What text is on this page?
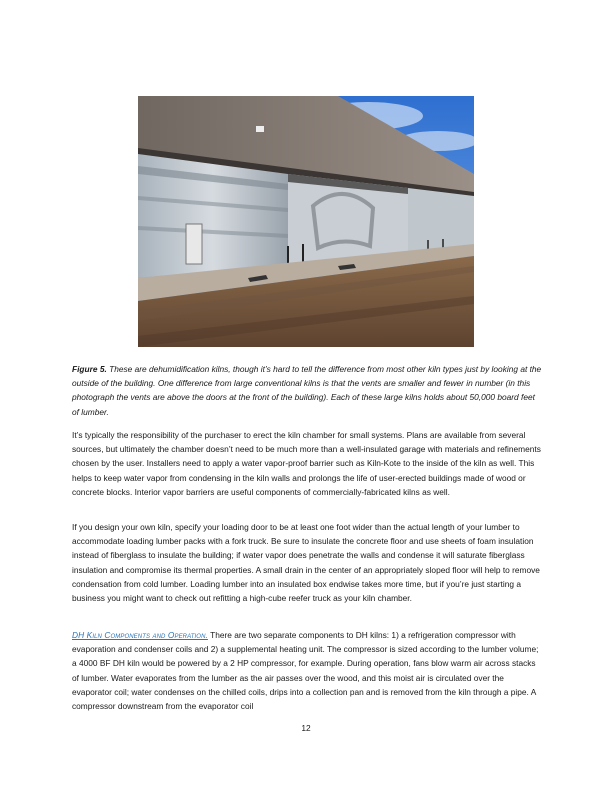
Figure 5. These are dehumidification kilns, though it’s hard to tell the difference from most other kiln types just by looking at the outside of the building. One difference from large conventional kilns is that the vents are smaller and fewer in number (in this photograph the vents are above the doors at the front of the building). Each of these large kilns holds about 50,000 board feet of lumber.

It’s typically the responsibility of the purchaser to erect the kiln chamber for small systems. Plans are available from several sources, but ultimately the chamber doesn’t need to be much more than a well-insulated garage with materials and refinements chosen by the user. Installers need to apply a water vapor-proof barrier such as Kiln-Kote to the inside of the kiln as well. This helps to keep water vapor from condensing in the kiln walls and prolongs the life of user-erected buildings made of wood or concrete blocks. Interior vapor barriers are useful components of commercially-fabricated kilns as well.

If you design your own kiln, specify your loading door to be at least one foot wider than the actual length of your lumber to accommodate loading lumber packs with a fork truck. Be sure to insulate the concrete floor and use sheets of foam insulation instead of fiberglass to insulate the building; if water vapor does penetrate the walls and condense it will saturate fiberglass insulation and compromise its thermal properties. A small drain in the center of an appropriately sloped floor will help to remove condensation from cold lumber. Loading lumber into an insulated box endwise takes more time, but if you’re just starting a business you might want to check out refitting a high-cube reefer truck as your kiln chamber.

DH Kiln Components and Operation. There are two separate components to DH kilns: 1) a refrigeration compressor with evaporation and condenser coils and 2) a supplemental heating unit. The compressor is sized according to the lumber volume; a 4000 BF DH kiln would be powered by a 2 HP compressor, for example. During operation, fans blow warm air across stacks of lumber. Water evaporates from the lumber as the air passes over the wood, and this moist air is circulated over the evaporator coil; water condenses on the chilled coils, drips into a collection pan and is removed from the kiln through a pipe. A compressor downstream from the evaporator coil

12
